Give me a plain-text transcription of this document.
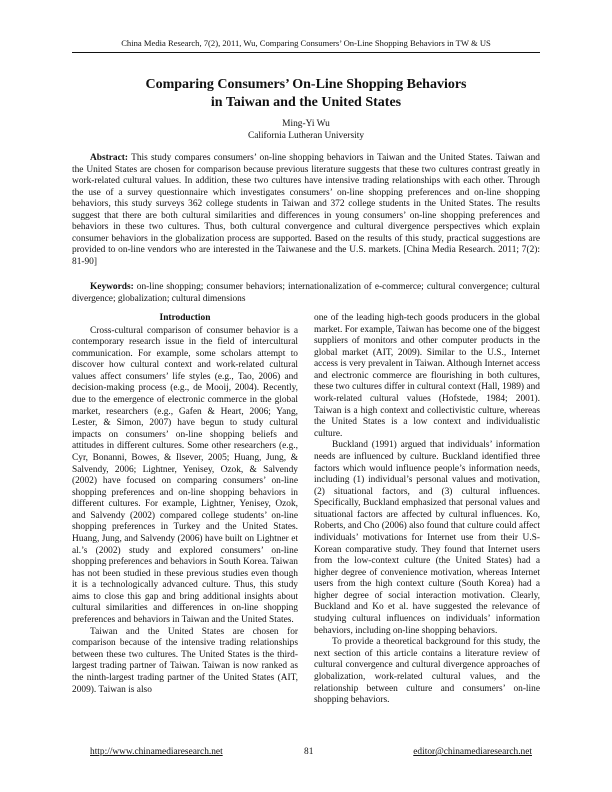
China Media Research, 7(2), 2011, Wu, Comparing Consumers’ On-Line Shopping Behaviors in TW & US
Comparing Consumers’ On-Line Shopping Behaviors
in Taiwan and the United States
Ming-Yi Wu
California Lutheran University

Abstract: This study compares consumers’ on-line shopping behaviors in Taiwan and the United States. Taiwan and the United States are chosen for comparison because previous literature suggests that these two cultures contrast greatly in work-related cultural values. In addition, these two cultures have intensive trading relationships with each other. Through the use of a survey questionnaire which investigates consumers’ on-line shopping preferences and on-line shopping behaviors, this study surveys 362 college students in Taiwan and 372 college students in the United States. The results suggest that there are both cultural similarities and differences in young consumers’ on-line shopping preferences and behaviors in these two cultures. Thus, both cultural convergence and cultural divergence perspectives which explain consumer behaviors in the globalization process are supported. Based on the results of this study, practical suggestions are provided to on-line vendors who are interested in the Taiwanese and the U.S. markets. [China Media Research. 2011; 7(2): 81-90]

Keywords: on-line shopping; consumer behaviors; internationalization of e-commerce; cultural convergence; cultural divergence; globalization; cultural dimensions

Introduction

Cross-cultural comparison of consumer behavior is a contemporary research issue in the field of intercultural communication. For example, some scholars attempt to discover how cultural context and work-related cultural values affect consumers’ life styles (e.g., Tao, 2006) and decision-making process (e.g., de Mooij, 2004). Recently, due to the emergence of electronic commerce in the global market, researchers (e.g., Gafen & Heart, 2006; Yang, Lester, & Simon, 2007) have begun to study cultural impacts on consumers’ on-line shopping beliefs and attitudes in different cultures. Some other researchers (e.g., Cyr, Bonanni, Bowes, & Ilsever, 2005; Huang, Jung, & Salvendy, 2006; Lightner, Yenisey, Ozok, & Salvendy (2002) have focused on comparing consumers’ on-line shopping preferences and on-line shopping behaviors in different cultures. For example, Lightner, Yenisey, Ozok, and Salvendy (2002) compared college students’ on-line shopping preferences in Turkey and the United States. Huang, Jung, and Salvendy (2006) have built on Lightner et al.’s (2002) study and explored consumers’ on-line shopping preferences and behaviors in South Korea. Taiwan has not been studied in these previous studies even though it is a technologically advanced culture. Thus, this study aims to close this gap and bring additional insights about cultural similarities and differences in on-line shopping preferences and behaviors in Taiwan and the United States.

Taiwan and the United States are chosen for comparison because of the intensive trading relationships between these two cultures. The United States is the third-largest trading partner of Taiwan. Taiwan is now ranked as the ninth-largest trading partner of the United States (AIT, 2009). Taiwan is also

one of the leading high-tech goods producers in the global market. For example, Taiwan has become one of the biggest suppliers of monitors and other computer products in the global market (AIT, 2009). Similar to the U.S., Internet access is very prevalent in Taiwan. Although Internet access and electronic commerce are flourishing in both cultures, these two cultures differ in cultural context (Hall, 1989) and work-related cultural values (Hofstede, 1984; 2001). Taiwan is a high context and collectivistic culture, whereas the United States is a low context and individualistic culture.

Buckland (1991) argued that individuals’ information needs are influenced by culture. Buckland identified three factors which would influence people’s information needs, including (1) individual’s personal values and motivation, (2) situational factors, and (3) cultural influences. Specifically, Buckland emphasized that personal values and situational factors are affected by cultural influences. Ko, Roberts, and Cho (2006) also found that culture could affect individuals’ motivations for Internet use from their U.S-Korean comparative study. They found that Internet users from the low-context culture (the United States) had a higher degree of convenience motivation, whereas Internet users from the high context culture (South Korea) had a higher degree of social interaction motivation. Clearly, Buckland and Ko et al. have suggested the relevance of studying cultural influences on individuals’ information behaviors, including on-line shopping behaviors.

To provide a theoretical background for this study, the next section of this article contains a literature review of cultural convergence and cultural divergence approaches of globalization, work-related cultural values, and the relationship between culture and consumers’ on-line shopping behaviors.

http://www.chinamediaresearch.net	81	editor@chinamediaresearch.net
